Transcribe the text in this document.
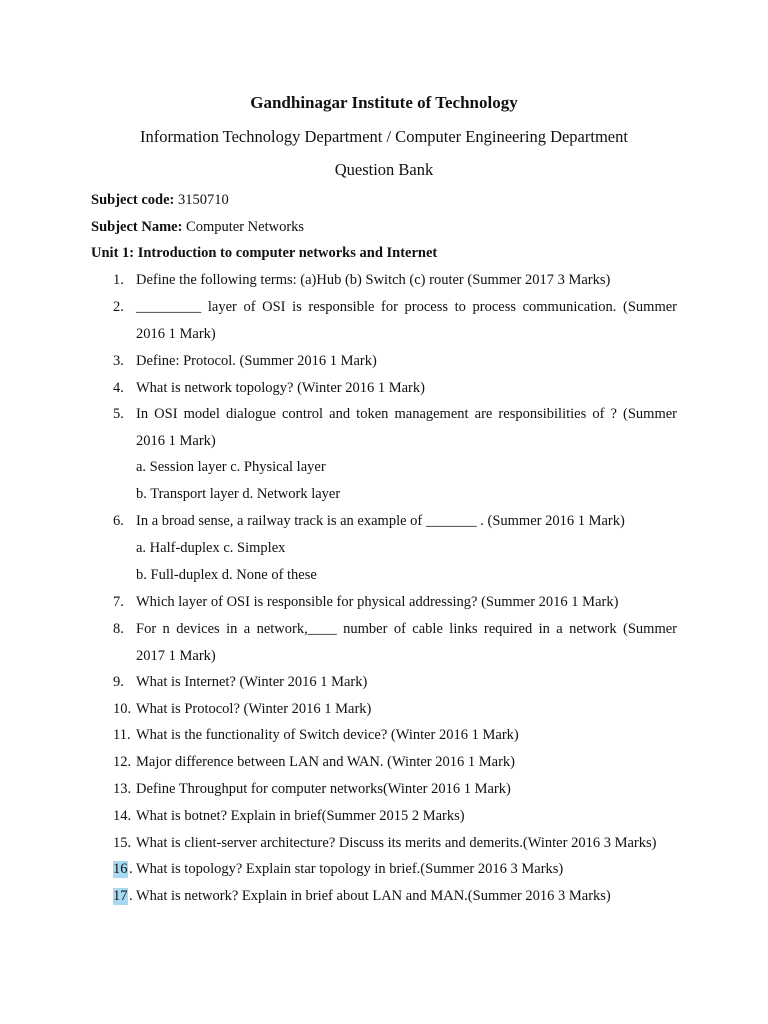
Gandhinagar Institute of Technology
Information Technology Department / Computer Engineering Department
Question Bank
Subject code: 3150710
Subject Name: Computer Networks
Unit 1: Introduction to computer networks and Internet
1. Define the following terms: (a)Hub (b) Switch (c) router (Summer 2017 3 Marks)
2. _________ layer of OSI is responsible for process to process communication. (Summer
2016 1 Mark)
3. Define: Protocol. (Summer 2016 1 Mark)
4. What is network topology? (Winter 2016 1 Mark)
5. In OSI model dialogue control and token management are responsibilities of ? (Summer
2016 1 Mark)
a. Session layer c. Physical layer
b. Transport layer d. Network layer
6. In a broad sense, a railway track is an example of _______ . (Summer 2016 1 Mark)
a. Half-duplex c. Simplex
b. Full-duplex d. None of these
7. Which layer of OSI is responsible for physical addressing? (Summer 2016 1 Mark)
8. For n devices in a network,____ number of cable links required in a network (Summer
2017 1 Mark)
9. What is Internet? (Winter 2016 1 Mark)
10. What is Protocol? (Winter 2016 1 Mark)
11. What is the functionality of Switch device? (Winter 2016 1 Mark)
12. Major difference between LAN and WAN. (Winter 2016 1 Mark)
13. Define Throughput for computer networks(Winter 2016 1 Mark)
14. What is botnet? Explain in brief(Summer 2015 2 Marks)
15. What is client-server architecture? Discuss its merits and demerits.(Winter 2016 3 Marks)
16 . What is topology? Explain star topology in brief.(Summer 2016 3 Marks)
17 . What is network? Explain in brief about LAN and MAN.(Summer 2016 3 Marks)
